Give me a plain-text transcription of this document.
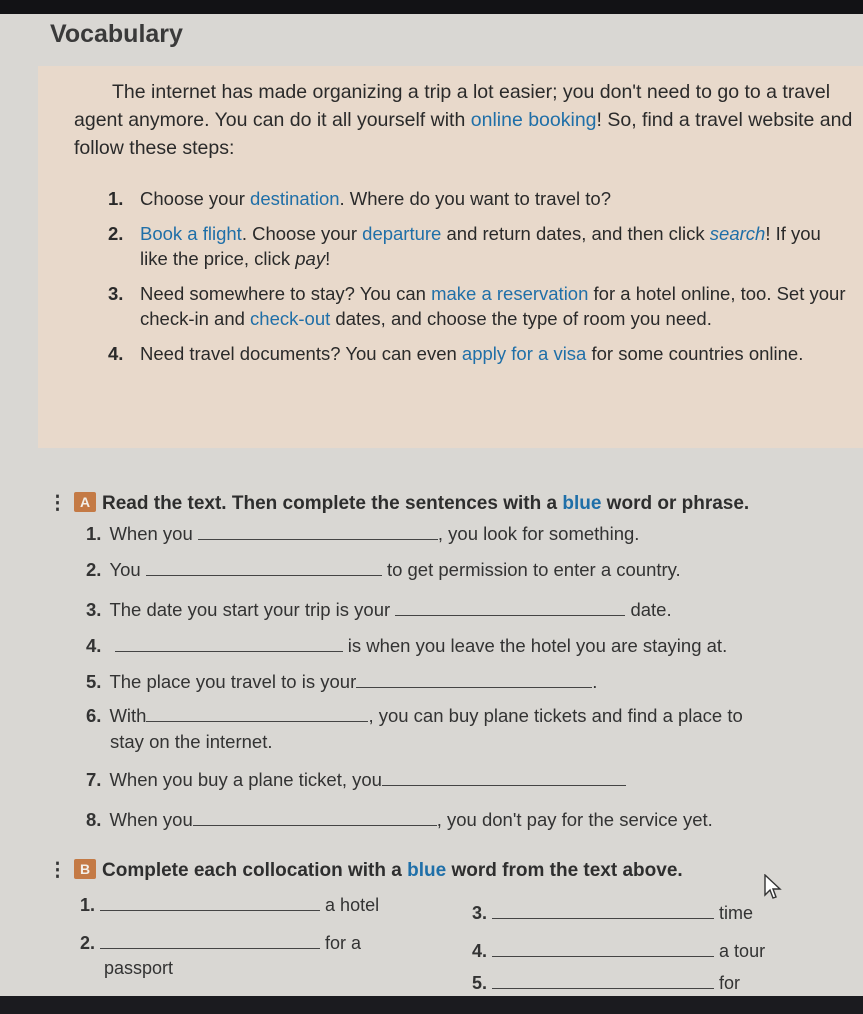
Vocabulary
The internet has made organizing a trip a lot easier; you don't need to go to a travel agent anymore. You can do it all yourself with online booking! So, find a travel website and follow these steps:
1. Choose your destination. Where do you want to travel to?
2. Book a flight. Choose your departure and return dates, and then click search! If you like the price, click pay!
3. Need somewhere to stay? You can make a reservation for a hotel online, too. Set your check-in and check-out dates, and choose the type of room you need.
4. Need travel documents? You can even apply for a visa for some countries online.
⋮ A Read the text. Then complete the sentences with a blue word or phrase.
1. When you	, you look for something.
2. You	to get permission to enter a country.
3. The date you start your trip is your	date.
4.	is when you leave the hotel you are staying at.
5. The place you travel to is your	.
6. With	, you can buy plane tickets and find a place to
stay on the internet.
7. When you buy a plane ticket, you
8. When you	, you don't pay for the service yet.
⋮ B Complete each collocation with a blue word from the text above.
1.	a hotel
2.	for a
passport
3.	time
4.	a tour
5.	for
